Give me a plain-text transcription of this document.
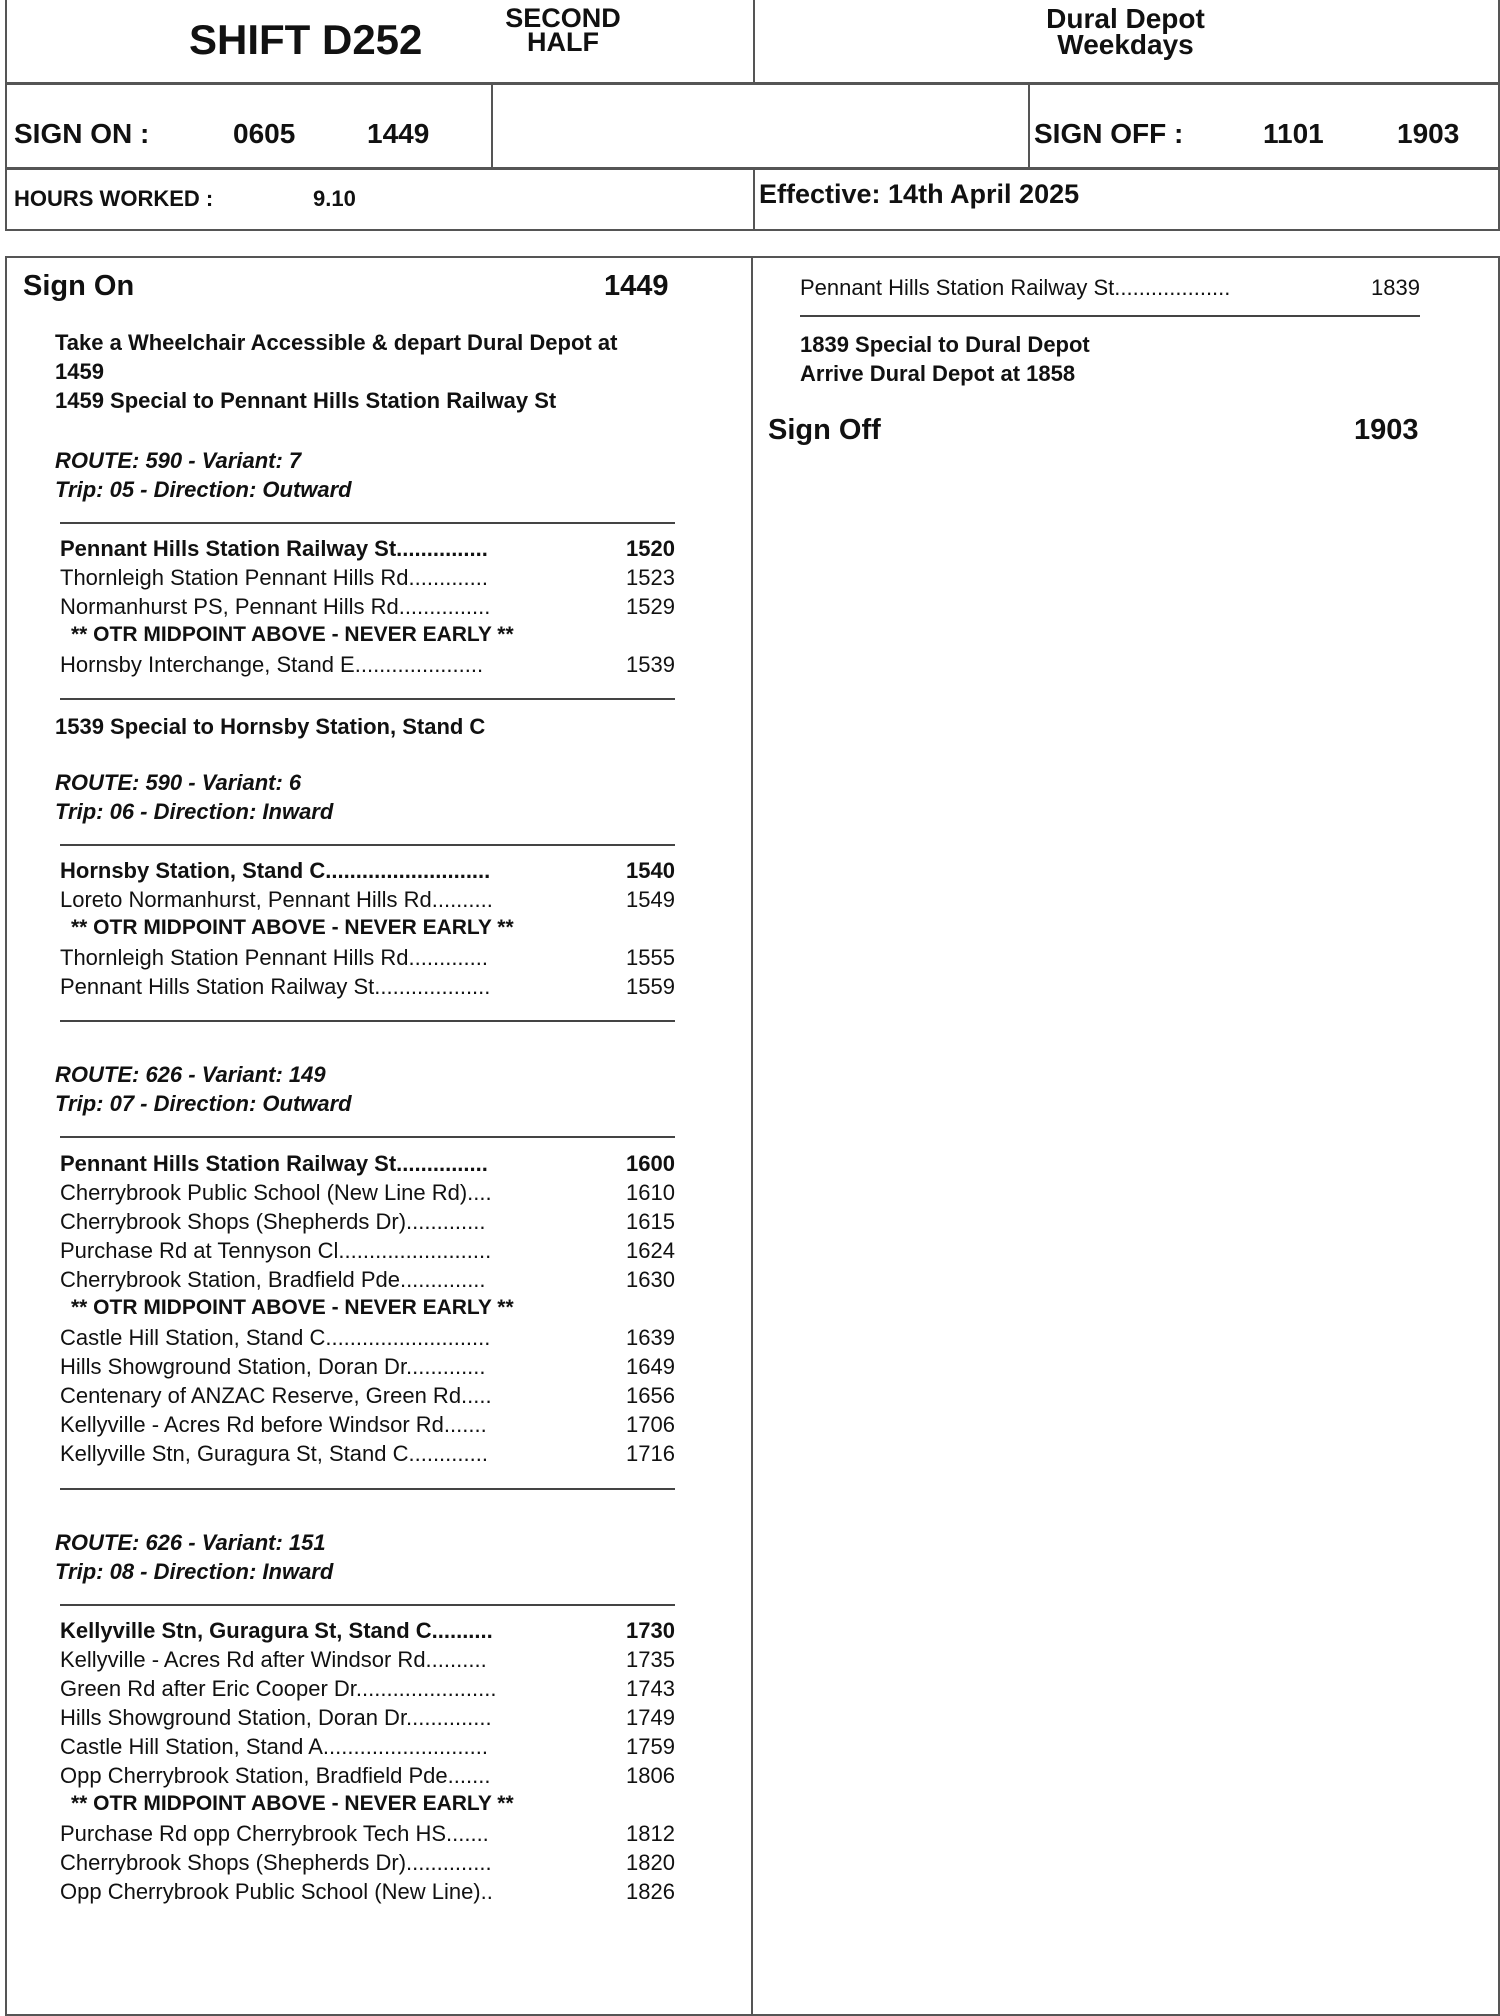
SHIFT D252	SECOND
HALF
Dural Depot
Weekdays
SIGN ON :	0605	1449	SIGN OFF :	1101	1903
HOURS WORKED :	9.10	Effective: 14th April 2025
Sign On	1449
Take a Wheelchair Accessible & depart Dural Depot at
1459
1459 Special to Pennant Hills Station Railway St
ROUTE: 590 - Variant: 7
Trip: 05 - Direction: Outward
Pennant Hills Station Railway St...............	1520
Thornleigh Station Pennant Hills Rd.............	1523
Normanhurst PS, Pennant Hills Rd...............	1529
** OTR MIDPOINT ABOVE - NEVER EARLY **
Hornsby Interchange, Stand E.....................	1539
1539 Special to Hornsby Station, Stand C
ROUTE: 590 - Variant: 6
Trip: 06 - Direction: Inward
Hornsby Station, Stand C...........................	1540
Loreto Normanhurst, Pennant Hills Rd..........	1549
** OTR MIDPOINT ABOVE - NEVER EARLY **
Thornleigh Station Pennant Hills Rd.............	1555
Pennant Hills Station Railway St...................	1559
ROUTE: 626 - Variant: 149
Trip: 07 - Direction: Outward
Pennant Hills Station Railway St...............	1600
Cherrybrook Public School (New Line Rd)....	1610
Cherrybrook Shops (Shepherds Dr).............	1615
Purchase Rd at Tennyson Cl.........................	1624
Cherrybrook Station, Bradfield Pde..............	1630
** OTR MIDPOINT ABOVE - NEVER EARLY **
Castle Hill Station, Stand C...........................	1639
Hills Showground Station, Doran Dr.............	1649
Centenary of ANZAC Reserve, Green Rd.....	1656
Kellyville - Acres Rd before Windsor Rd.......	1706
Kellyville Stn, Guragura St, Stand C.............	1716
ROUTE: 626 - Variant: 151
Trip: 08 - Direction: Inward
Kellyville Stn, Guragura St, Stand C..........	1730
Kellyville - Acres Rd after Windsor Rd..........	1735
Green Rd after Eric Cooper Dr.......................	1743
Hills Showground Station, Doran Dr..............	1749
Castle Hill Station, Stand A...........................	1759
Opp Cherrybrook Station, Bradfield Pde.......	1806
** OTR MIDPOINT ABOVE - NEVER EARLY **
Purchase Rd opp Cherrybrook Tech HS.......	1812
Cherrybrook Shops (Shepherds Dr)..............	1820
Opp Cherrybrook Public School (New Line)..	1826
Pennant Hills Station Railway St...................	1839
1839 Special to Dural Depot
Arrive Dural Depot at 1858
Sign Off	1903
